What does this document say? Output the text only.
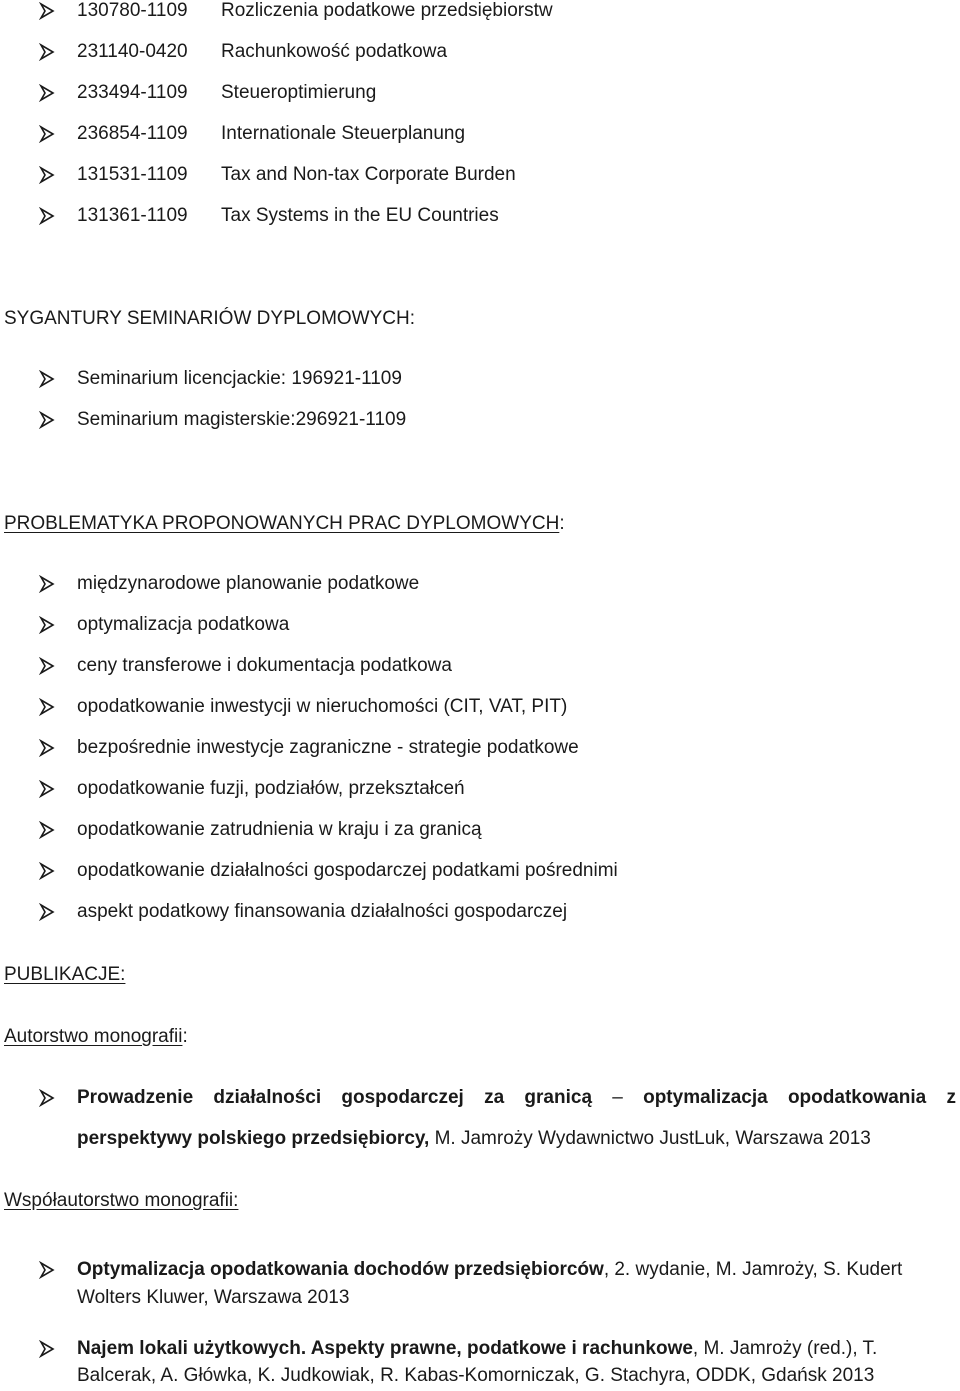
130780-1109 Rozliczenia podatkowe przedsiębiorstw
231140-0420 Rachunkowość podatkowa
233494-1109 Steueroptimierung
236854-1109 Internationale Steuerplanung
131531-1109 Tax and Non-tax Corporate Burden
131361-1109 Tax Systems in the EU Countries
SYGANTURY SEMINARIÓW DYPLOMOWYCH:
Seminarium licencjackie: 196921-1109
Seminarium magisterskie:296921-1109
PROBLEMATYKA PROPONOWANYCH PRAC DYPLOMOWYCH:
międzynarodowe planowanie podatkowe
optymalizacja podatkowa
ceny transferowe i dokumentacja podatkowa
opodatkowanie inwestycji w nieruchomości (CIT, VAT, PIT)
bezpośrednie inwestycje zagraniczne - strategie podatkowe
opodatkowanie fuzji, podziałów, przekształceń
opodatkowanie zatrudnienia w kraju i za granicą
opodatkowanie działalności gospodarczej podatkami pośrednimi
aspekt podatkowy finansowania działalności gospodarczej
PUBLIKACJE:
Autorstwo monografii:
Prowadzenie działalności gospodarczej za granicą – optymalizacja opodatkowania z
perspektywy polskiego przedsiębiorcy, M. Jamroży Wydawnictwo JustLuk, Warszawa 2013
Współautorstwo monografii:
Optymalizacja opodatkowania dochodów przedsiębiorców, 2. wydanie, M. Jamroży, S. Kudert
Wolters Kluwer, Warszawa 2013
Najem lokali użytkowych. Aspekty prawne, podatkowe i rachunkowe, M. Jamroży (red.), T.
Balcerak, A. Główka, K. Judkowiak, R. Kabas-Komorniczak, G. Stachyra, ODDK, Gdańsk 2013
